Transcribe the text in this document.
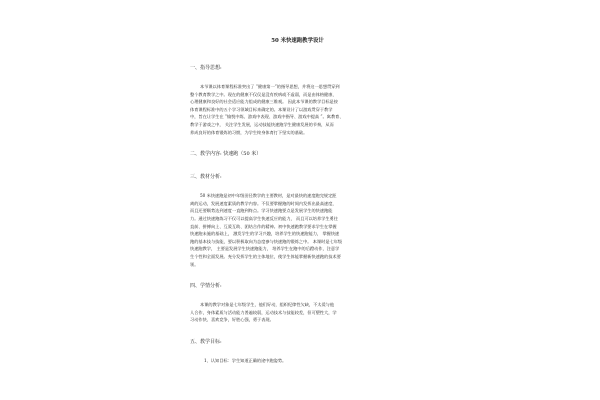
50 米快速跑教学设计
一、指导思想:
本节课以体育课程标准突出了 “健康第一”的指导思想，并将这一思想贯穿到
整个教育教学之中。现在的健康不仅仅是没有疾病或不虚弱，而是由体格健康、
心理健康和良好的社会适应能力组成的健康三维观。 因此本节课的教学目标是按
体育课程标准中的五个学习领域目标来确定的。本课设计了以游戏贯穿于教学
中，旨在让学生在 “愉悦中练、游戏中表现、游戏中指导、游戏中提高 ”。寓教育、
教学于游戏之中， 关注学生发展，运动技能快速跑学生健康发展的节奏，从而
养成良好的体育锻炼的习惯，为学生终身体育打下坚实的基础。
二、教学内容: 快速跑（50 米）
三、教材分析:
50 米快速跑是初中年级田径教学的主要教材，是对最快的速度跑完规定距
离的运动，发展速度素质的教学内容。不仅要掌握跑的时间内发挥出最高速度，
而且还要顺势达到速度一直跑到终点。学习快速跑要点是发展学生的快速跑能
力。通过快速跑练习不仅可以提高学生快速反应的能力， 而且可以培养学生勇往
直前、拼搏向上、互爱互助、团结合作的精神。初中快速跑教学要求学生在掌握
快速跑未施的基础上， 激发学生的学习兴趣，培养学生的快速跑能力， 掌握快速
跑的基本技与技能，要以积极取向为态度参与快速跑的锻炼之中。 本课时是七年级
快速跑教学， 主要是发展学生快速跑能力， 培养学生在跑中的后蹬动作，注意学
生个性和全面发展。充分发挥学生的主体地位，使学生体能掌握新快速跑的技术要
领。
四、学情分析:
本课的教学对象是七年级学生，他们好动，组织纪律性欠缺，不太爱与他
人合作，身体素质与活动能力普遍较弱，运动技术与技能较差，但可塑性大，学
习动作快、喜欢竞争，好胜心强，勇于表现。
五、教学目标:
1、认知目标：学生知道正确的途中跑姿势。
